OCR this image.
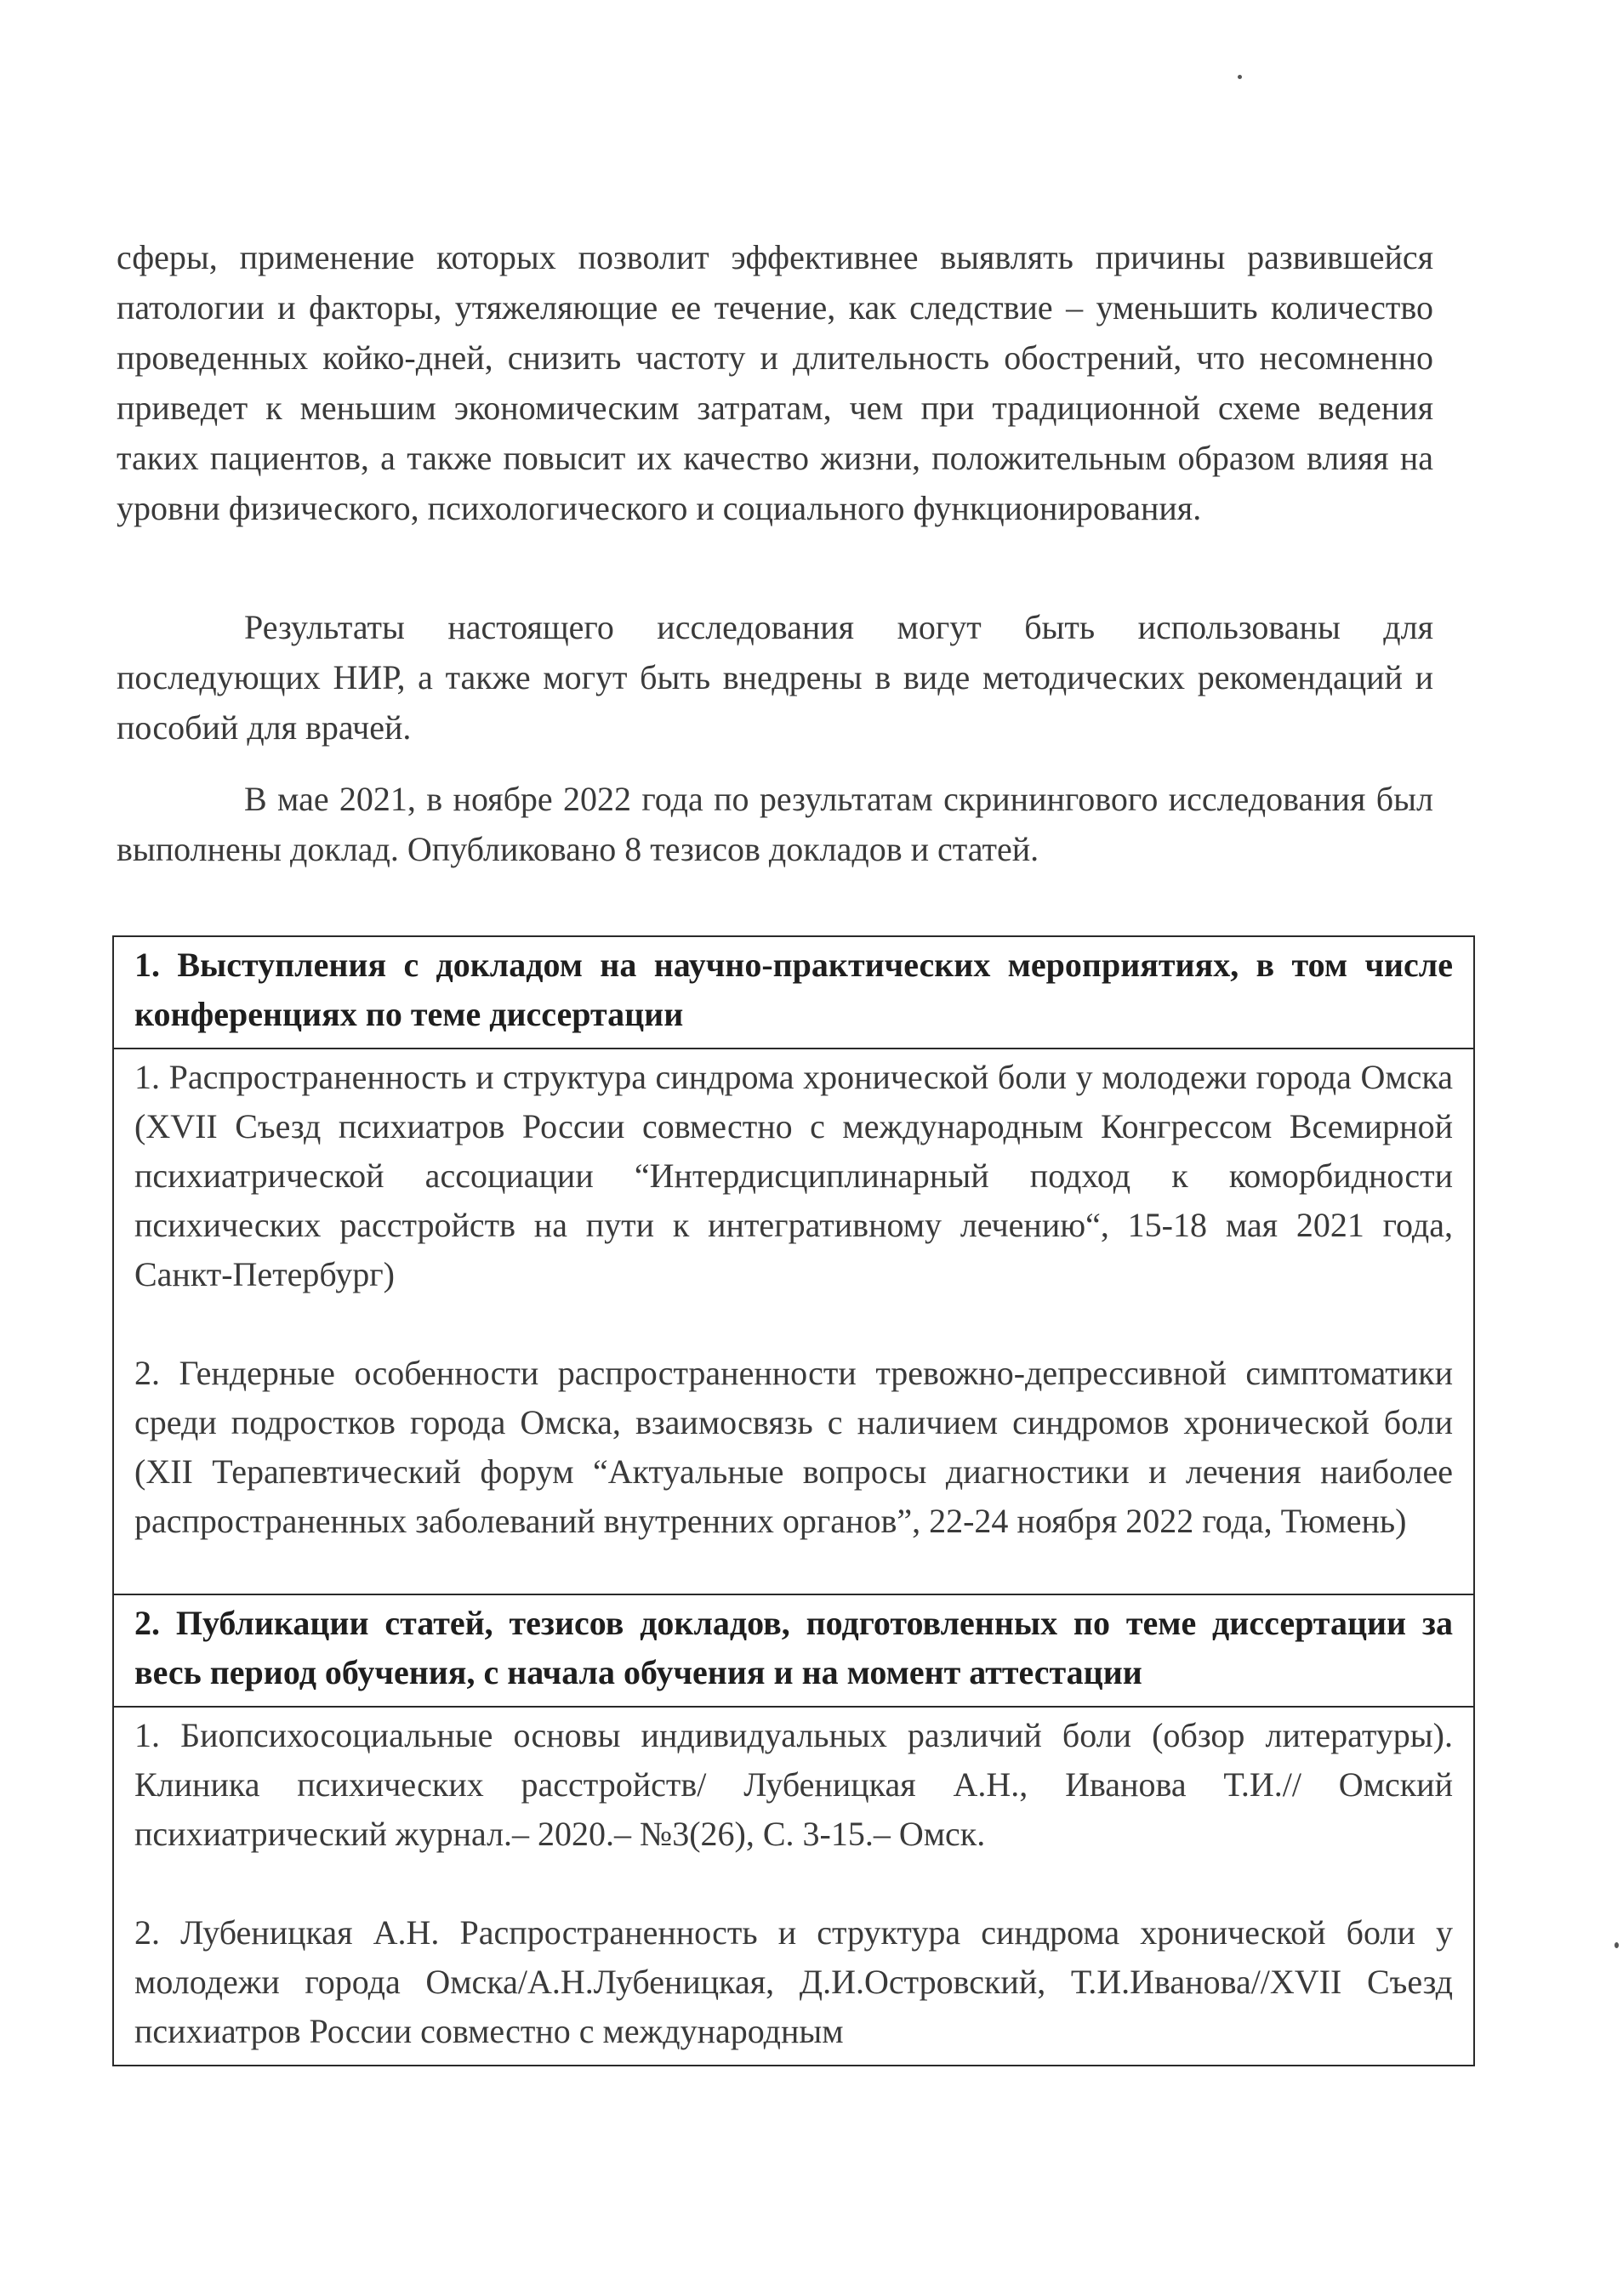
сферы, применение которых позволит эффективнее выявлять причины развившейся патологии и факторы, утяжеляющие ее течение, как следствие – уменьшить количество проведенных койко-дней, снизить частоту и длительность обострений, что несомненно приведет к меньшим экономическим затратам, чем при традиционной схеме ведения таких пациентов, а также повысит их качество жизни, положительным образом влияя на уровни физического, психологического и социального функционирования.

Результаты настоящего исследования могут быть использованы для последующих НИР, а также могут быть внедрены в виде методических рекомендаций и пособий для врачей.

В мае 2021, в ноябре 2022 года по результатам скринингового исследования был выполнены доклад. Опубликовано 8 тезисов докладов и статей.

1. Выступления с докладом на научно-практических мероприятиях, в том числе конференциях по теме диссертации

1. Распространенность и структура синдрома хронической боли у молодежи города Омска (XVII Съезд психиатров России совместно с международным Конгрессом Всемирной психиатрической ассоциации “Интердисциплинарный подход к коморбидности психических расстройств на пути к интегративному лечению“, 15-18 мая 2021 года, Санкт-Петербург)

2. Гендерные особенности распространенности тревожно-депрессивной симптоматики среди подростков города Омска, взаимосвязь с наличием синдромов хронической боли (XII Терапевтический форум “Актуальные вопросы диагностики и лечения наиболее распространенных заболеваний внутренних органов”, 22-24 ноября 2022 года, Тюмень)

2. Публикации статей, тезисов докладов, подготовленных по теме диссертации за весь период обучения, с начала обучения и на момент аттестации

1. Биопсихосоциальные основы индивидуальных различий боли (обзор литературы). Клиника психических расстройств/ Лубеницкая А.Н., Иванова Т.И.// Омский психиатрический журнал.– 2020.– №3(26), С. 3-15.– Омск.

2. Лубеницкая А.Н. Распространенность и структура синдрома хронической боли у молодежи города Омска/А.Н.Лубеницкая, Д.И.Островский, Т.И.Иванова//XVII Съезд психиатров России совместно с международным
